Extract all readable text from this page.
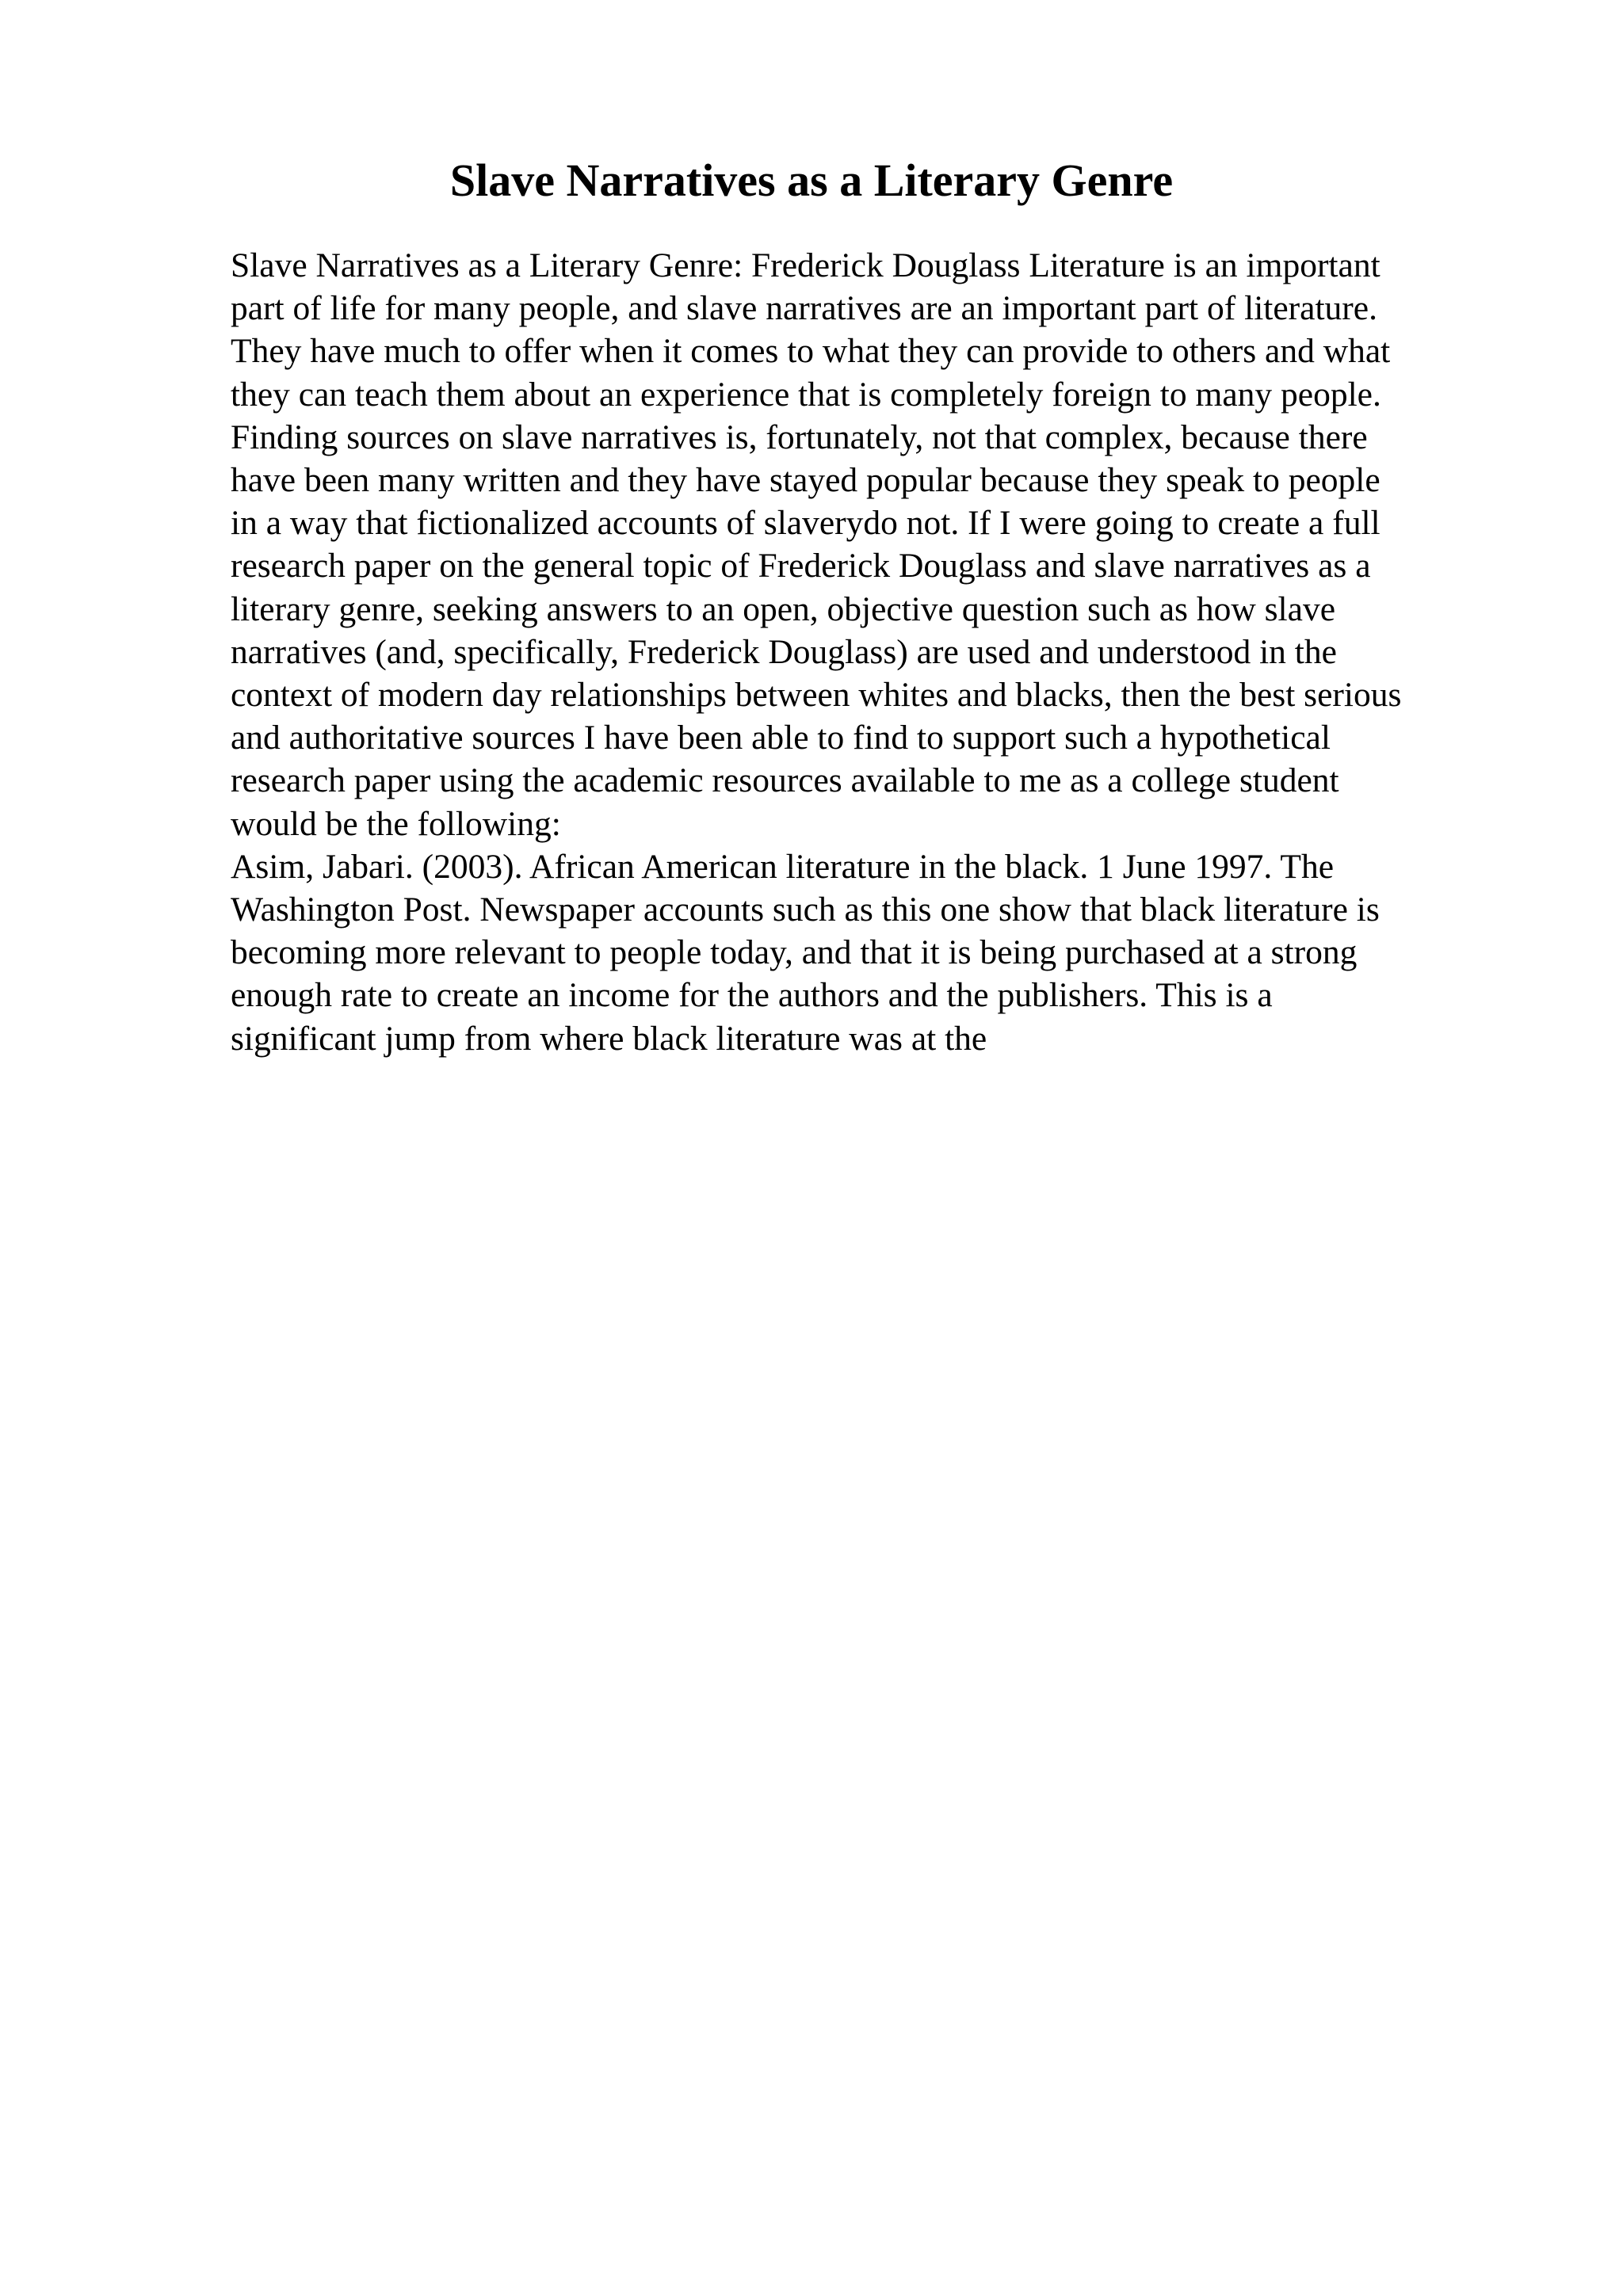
Slave Narratives as a Literary Genre
Slave Narratives as a Literary Genre: Frederick Douglass Literature is an important
part of life for many people, and slave narratives are an important part of literature.
They have much to offer when it comes to what they can provide to others and what
they can teach them about an experience that is completely foreign to many people.
Finding sources on slave narratives is, fortunately, not that complex, because there
have been many written and they have stayed popular because they speak to people
in a way that fictionalized accounts of slaverydo not. If I were going to create a full
research paper on the general topic of Frederick Douglass and slave narratives as a
literary genre, seeking answers to an open, objective question such as how slave
narratives (and, specifically, Frederick Douglass) are used and understood in the
context of modern day relationships between whites and blacks, then the best serious
and authoritative sources I have been able to find to support such a hypothetical
research paper using the academic resources available to me as a college student
would be the following:
Asim, Jabari. (2003). African American literature in the black. 1 June 1997. The
Washington Post. Newspaper accounts such as this one show that black literature is
becoming more relevant to people today, and that it is being purchased at a strong
enough rate to create an income for the authors and the publishers. This is a
significant jump from where black literature was at the
